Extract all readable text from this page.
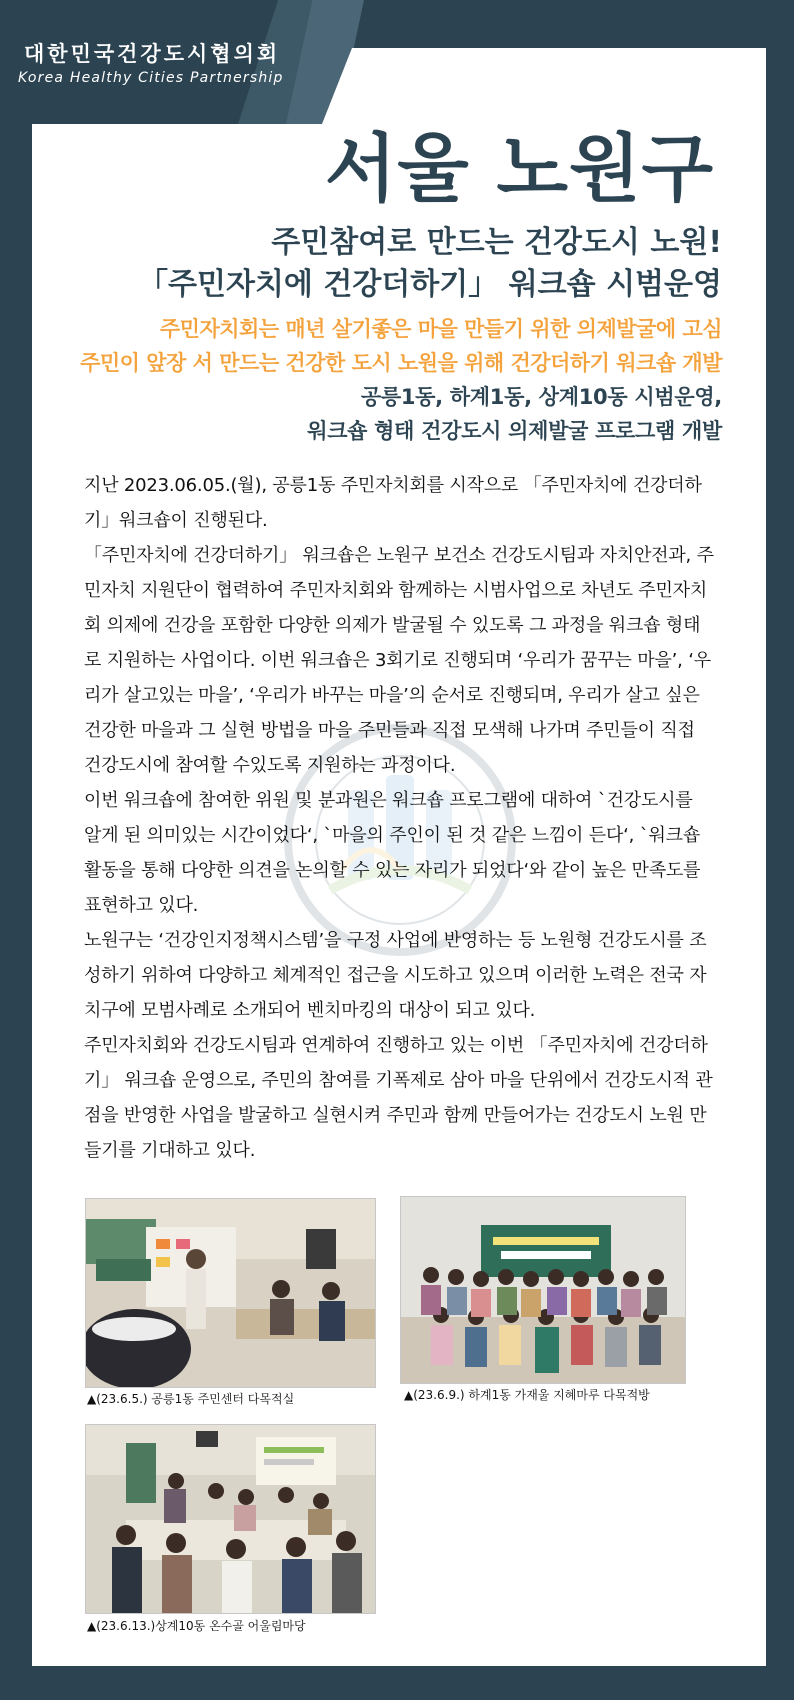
대한민국건강도시협의회
Korea Healthy Cities Partnership
서울 노원구
주민참여로 만드는 건강도시 노원!
「주민자치에 건강더하기」 워크숍 시범운영
주민자치회는 매년 살기좋은 마을 만들기 위한 의제발굴에 고심
주민이 앞장 서 만드는 건강한 도시 노원을 위해 건강더하기 워크숍 개발
공릉1동, 하계1동, 상계10동 시범운영,
워크숍 형태 건강도시 의제발굴 프로그램 개발

지난 2023.06.05.(월), 공릉1동 주민자치회를 시작으로 「주민자치에 건강더하기」워크숍이 진행된다.

「주민자치에 건강더하기」 워크숍은 노원구 보건소 건강도시팀과 자치안전과, 주민자치 지원단이 협력하여 주민자치회와 함께하는 시범사업으로 차년도 주민자치회 의제에 건강을 포함한 다양한 의제가 발굴될 수 있도록 그 과정을 워크숍 형태로 지원하는 사업이다. 이번 워크숍은 3회기로 진행되며 ‘우리가 꿈꾸는 마을’, ‘우리가 살고있는 마을’, ‘우리가 바꾸는 마을’의 순서로 진행되며, 우리가 살고 싶은 건강한 마을과 그 실현 방법을 마을 주민들과 직접 모색해 나가며 주민들이 직접 건강도시에 참여할 수있도록 지원하는 과정이다.

이번 워크숍에 참여한 위원 및 분과원은 워크숍 프로그램에 대하여 `건강도시를 알게 된 의미있는 시간이었다‘, `마을의 주인이 된 것 같은 느낌이 든다‘, `워크숍 활동을 통해 다양한 의견을 논의할 수 있는 자리가 되었다‘와 같이 높은 만족도를 표현하고 있다.

노원구는 ‘건강인지정책시스템’을 구정 사업에 반영하는 등 노원형 건강도시를 조성하기 위하여 다양하고 체계적인 접근을 시도하고 있으며 이러한 노력은 전국 자치구에 모범사례로 소개되어 벤치마킹의 대상이 되고 있다.

주민자치회와 건강도시팀과 연계하여 진행하고 있는 이번 「주민자치에 건강더하기」 워크숍 운영으로, 주민의 참여를 기폭제로 삼아 마을 단위에서 건강도시적 관점을 반영한 사업을 발굴하고 실현시켜 주민과 함께 만들어가는 건강도시 노원 만들기를 기대하고 있다.

▲(23.6.5.) 공릉1동 주민센터 다목적실	▲(23.6.9.) 하계1동 가재울 지혜마루 다목적방
▲(23.6.13.)상계10동 온수골 어울림마당
